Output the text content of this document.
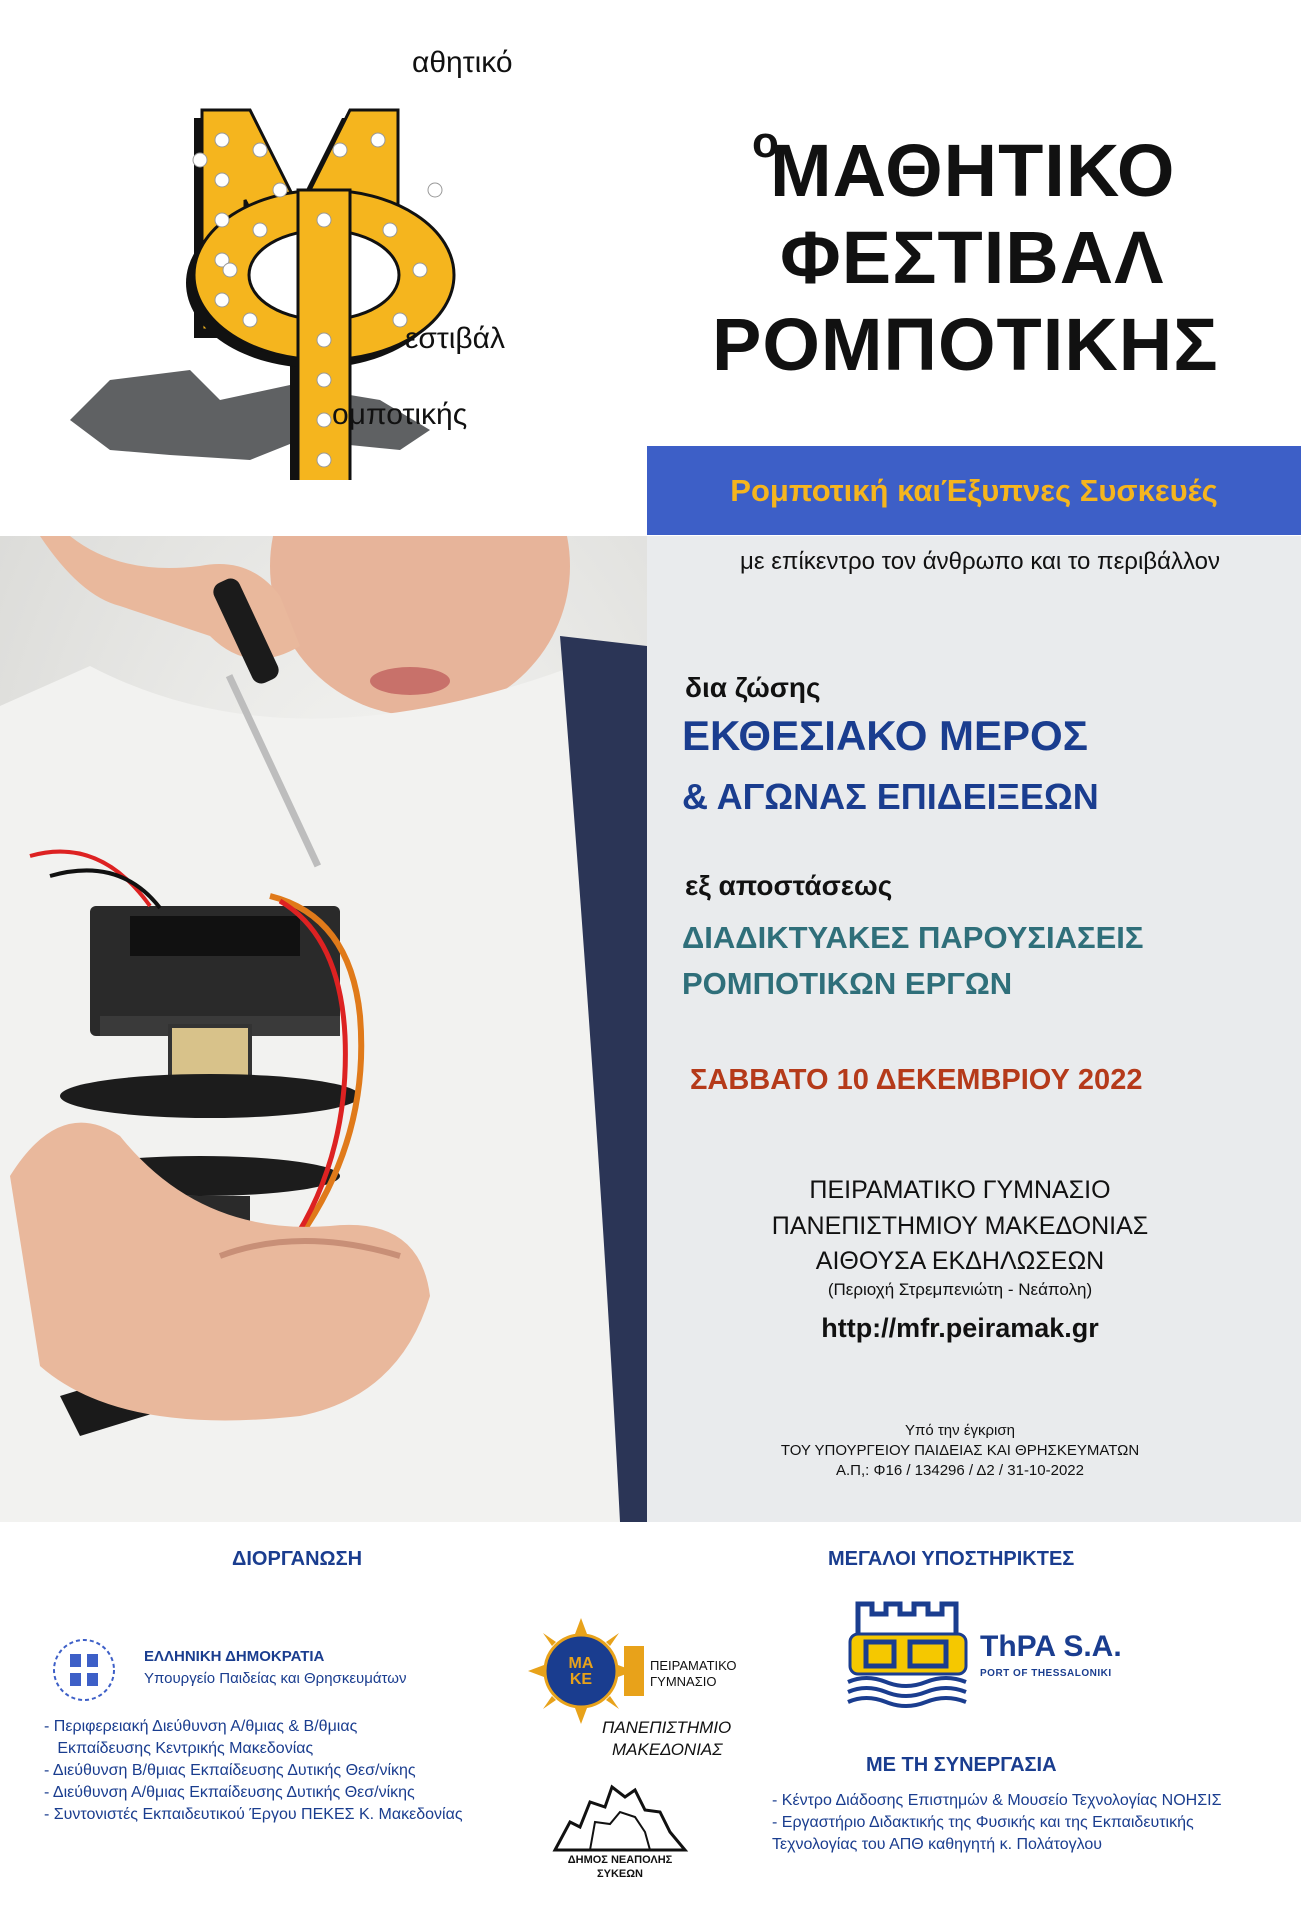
αθητικό
εστιβάλ
ομποτικής
ο
ΜΑΘΗΤΙΚΟ
ΦΕΣΤΙΒΑΛ
ΡΟΜΠΟΤΙΚΗΣ
Ρομποτική καιΈξυπνες Συσκευές
με επίκεντρο τον άνθρωπο και το περιβάλλον
δια ζώσης
ΕΚΘΕΣΙΑΚΟ ΜΕΡΟΣ
& ΑΓΩΝΑΣ ΕΠΙΔΕΙΞΕΩΝ
εξ αποστάσεως
ΔΙΑΔΙΚΤΥΑΚΕΣ ΠΑΡΟΥΣΙΑΣΕΙΣ
ΡΟΜΠΟΤΙΚΩΝ ΕΡΓΩΝ
ΣΑΒΒΑΤΟ 10 ΔΕΚΕΜΒΡΙΟΥ 2022
ΠΕΙΡΑΜΑΤΙΚΟ ΓΥΜΝΑΣΙΟ
ΠΑΝΕΠΙΣΤΗΜΙΟΥ ΜΑΚΕΔΟΝΙΑΣ
ΑΙΘΟΥΣΑ ΕΚΔΗΛΩΣΕΩΝ
(Περιοχή Στρεμπενιώτη - Νεάπολη)
http://mfr.peiramak.gr
Υπό την έγκριση
ΤΟΥ ΥΠΟΥΡΓΕΙΟΥ ΠΑΙΔΕΙΑΣ ΚΑΙ ΘΡΗΣΚΕΥΜΑΤΩΝ
Α.Π,: Φ16 / 134296 / Δ2 / 31-10-2022
ΔΙΟΡΓΑΝΩΣΗ
ΕΛΛΗΝΙΚΗ ΔΗΜΟΚΡΑΤΙΑ
Υπουργείο Παιδείας και Θρησκευμάτων
- Περιφερειακή Διεύθυνση Α/θμιας & Β/θμιας
Εκπαίδευσης Κεντρικής Μακεδονίας
- Διεύθυνση Β/θμιας Εκπαίδευσης Δυτικής Θεσ/νίκης
- Διεύθυνση Α/θμιας Εκπαίδευσης Δυτικής Θεσ/νίκης
- Συντονιστές Εκπαιδευτικού Έργου ΠΕΚΕΣ Κ. Μακεδονίας
ΜΑ ΚΕ
ΠΕΙΡΑΜΑΤΙΚΟ
ΓΥΜΝΑΣΙΟ
ΠΑΝΕΠΙΣΤΗΜΙΟ
ΜΑΚΕΔΟΝΙΑΣ
ΔΗΜΟΣ ΝΕΑΠΟΛΗΣ
ΣΥΚΕΩΝ
ΜΕΓΑΛΟΙ ΥΠΟΣΤΗΡΙΚΤΕΣ
ThPA S.A.
PORT OF THESSALONIKI
ΜΕ ΤΗ ΣΥΝΕΡΓΑΣΙΑ
- Κέντρο Διάδοσης Επιστημών & Μουσείο Τεχνολογίας ΝΟΗΣΙΣ
- Εργαστήριο Διδακτικής της Φυσικής και της Εκπαιδευτικής
Τεχνολογίας του ΑΠΘ καθηγητή κ. Πολάτογλου
